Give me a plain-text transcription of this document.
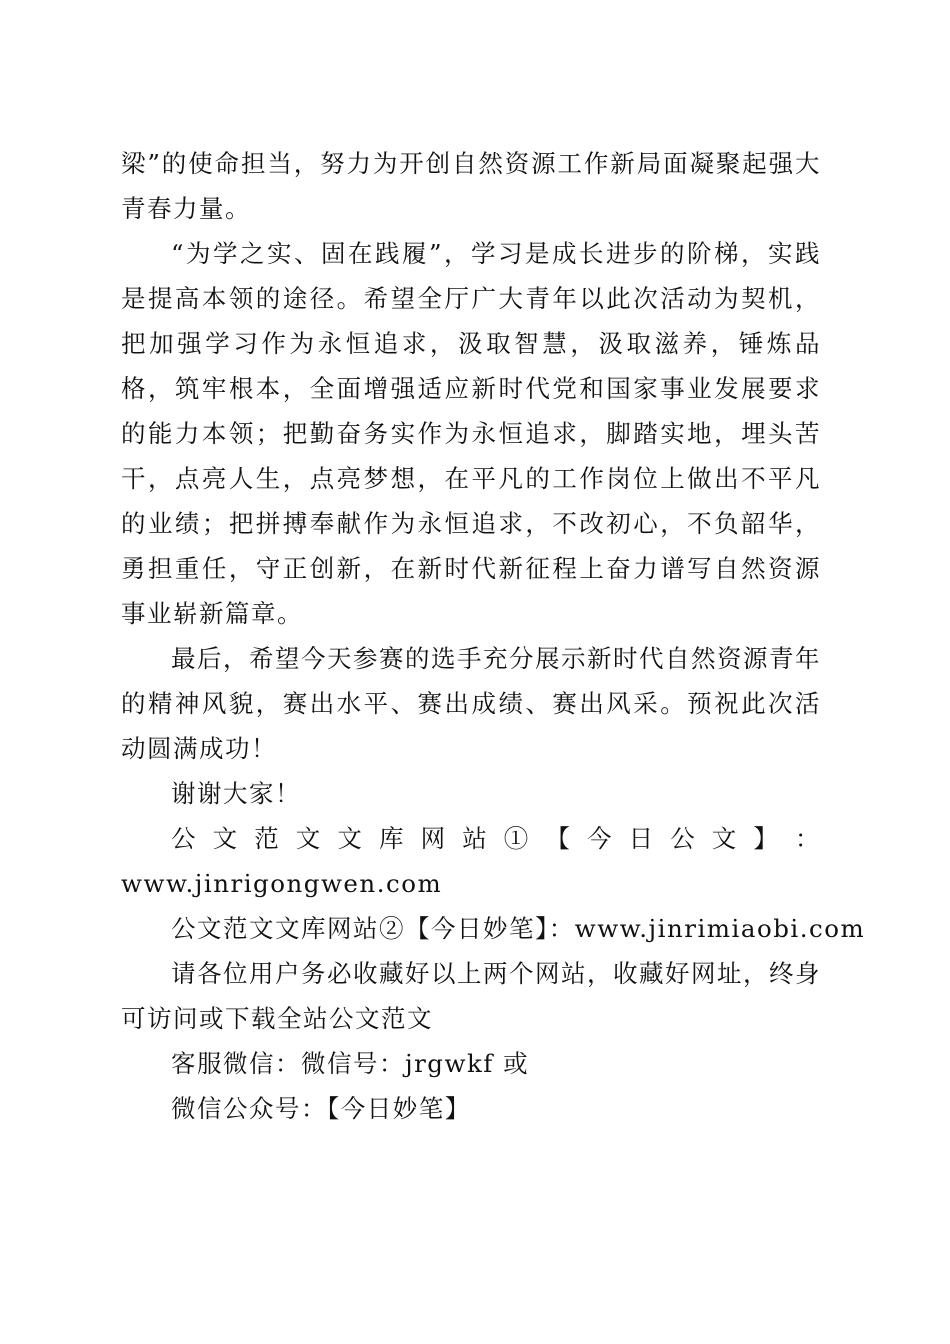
梁”的使命担当，努力为开创自然资源工作新局面凝聚起强大青春力量。

“为学之实、固在践履”，学习是成长进步的阶梯，实践是提高本领的途径。希望全厅广大青年以此次活动为契机，把加强学习作为永恒追求，汲取智慧，汲取滋养，锤炼品格，筑牢根本，全面增强适应新时代党和国家事业发展要求的能力本领；把勤奋务实作为永恒追求，脚踏实地，埋头苦干，点亮人生，点亮梦想，在平凡的工作岗位上做出不平凡的业绩；把拼搏奉献作为永恒追求，不改初心，不负韶华，勇担重任，守正创新，在新时代新征程上奋力谱写自然资源事业崭新篇章。

最后，希望今天参赛的选手充分展示新时代自然资源青年的精神风貌，赛出水平、赛出成绩、赛出风采。预祝此次活动圆满成功！

谢谢大家！

公 文 范 文 文 库 网 站 ① 【 今 日 公 文 】 ：

www.jinrigongwen.com

公文范文文库网站②【今日妙笔】：www.jinrimiaobi.com

请各位用户务必收藏好以上两个网站，收藏好网址，终身可访问或下载全站公文范文

客服微信：微信号：jrgwkf 或

微信公众号：【今日妙笔】
